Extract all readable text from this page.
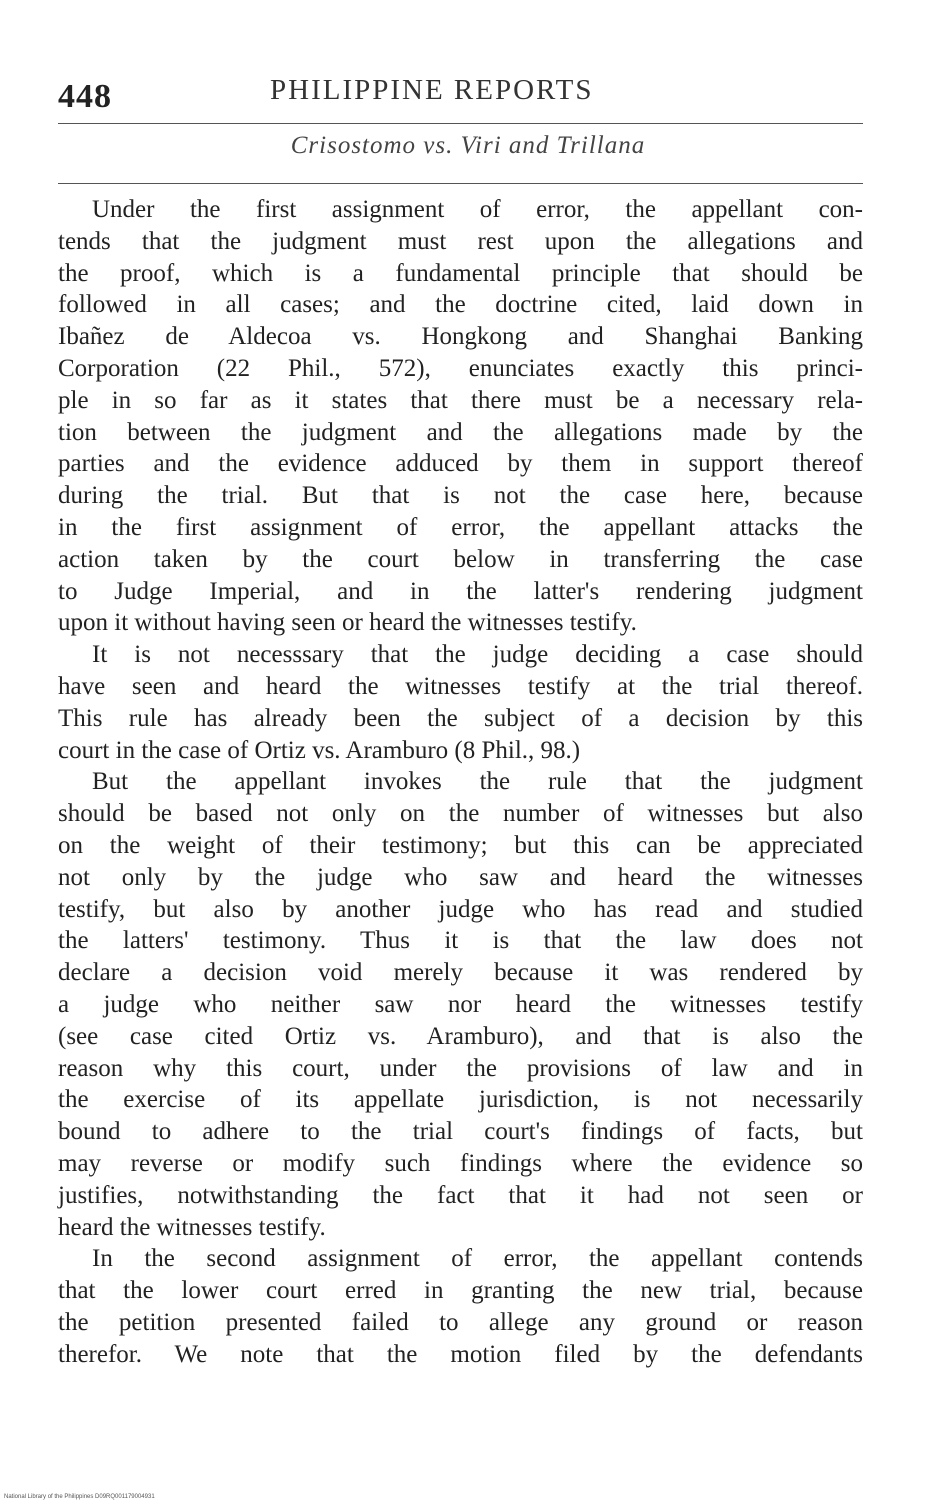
448	PHILIPPINE REPORTS
Crisostomo vs. Viri and Trillana

Under the first assignment of error, the appellant con-
tends that the judgment must rest upon the allegations and
the proof, which is a fundamental principle that should be
followed in all cases; and the doctrine cited, laid down in
Ibañez de Aldecoa vs. Hongkong and Shanghai Banking
Corporation (22 Phil., 572), enunciates exactly this princi-
ple in so far as it states that there must be a necessary rela-
tion between the judgment and the allegations made by the
parties and the evidence adduced by them in support thereof
during the trial. But that is not the case here, because
in the first assignment of error, the appellant attacks the
action taken by the court below in transferring the case
to Judge Imperial, and in the latter's rendering judgment
upon it without having seen or heard the witnesses testify.

It is not necesssary that the judge deciding a case should
have seen and heard the witnesses testify at the trial thereof.
This rule has already been the subject of a decision by this
court in the case of Ortiz vs. Aramburo (8 Phil., 98.)

But the appellant invokes the rule that the judgment
should be based not only on the number of witnesses but also
on the weight of their testimony; but this can be appreciated
not only by the judge who saw and heard the witnesses
testify, but also by another judge who has read and studied
the latters' testimony. Thus it is that the law does not
declare a decision void merely because it was rendered by
a judge who neither saw nor heard the witnesses testify
(see case cited Ortiz vs. Aramburo), and that is also the
reason why this court, under the provisions of law and in
the exercise of its appellate jurisdiction, is not necessarily
bound to adhere to the trial court's findings of facts, but
may reverse or modify such findings where the evidence so
justifies, notwithstanding the fact that it had not seen or
heard the witnesses testify.

In the second assignment of error, the appellant contends
that the lower court erred in granting the new trial, because
the petition presented failed to allege any ground or reason
therefor. We note that the motion filed by the defendants

National Library of the Philippines D09RQ001179004931
